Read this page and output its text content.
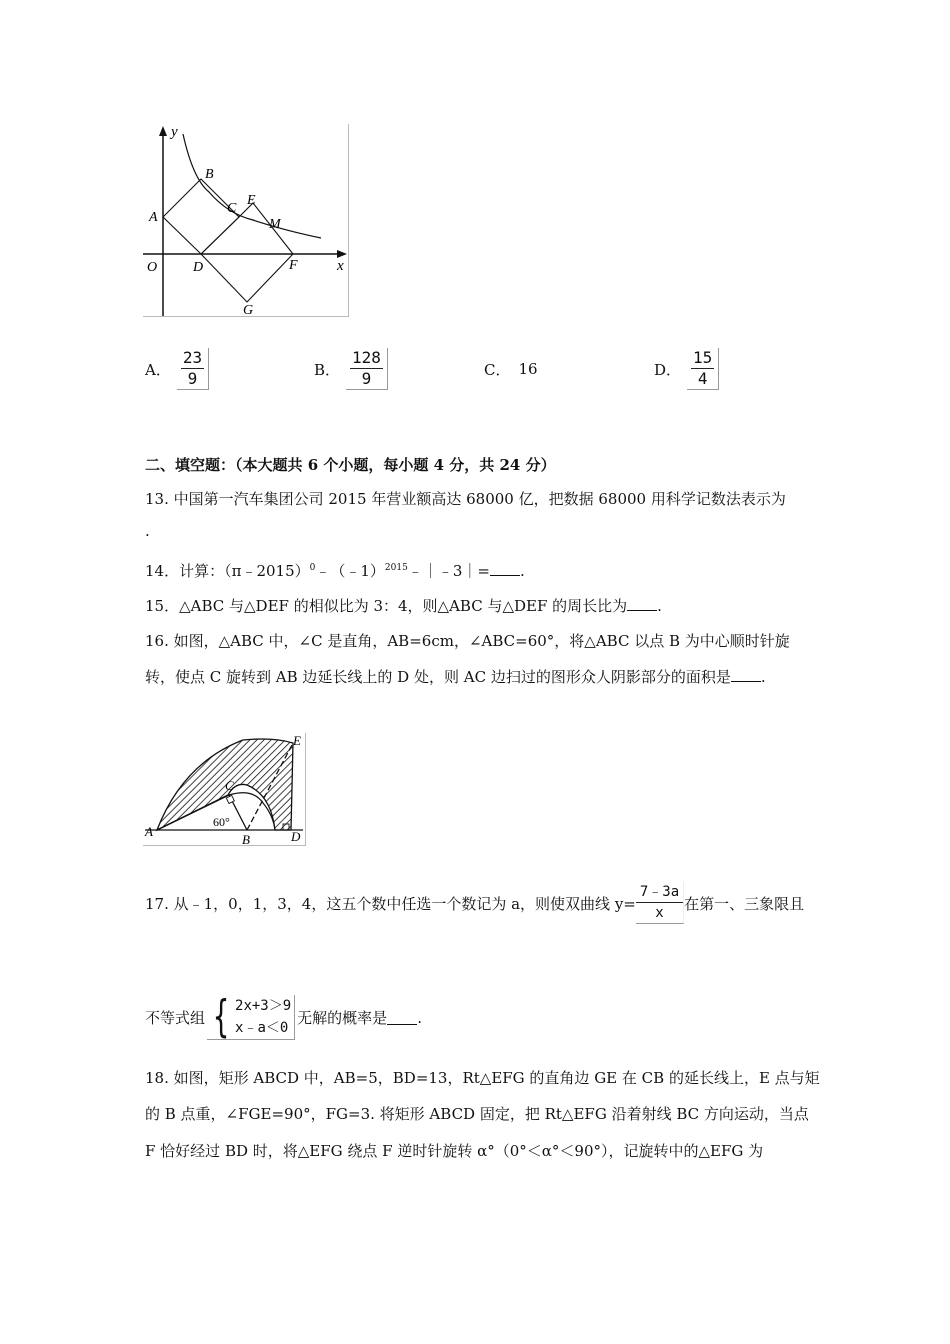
y
x
O
A
B
C
D
E
F
G
M
A． $\frac{23}{9}$	B． $\frac{128}{9}$	C． 16	D． $\frac{15}{4}$
二、填空题：（本大题共 6 个小题，每小题 4 分，共 24 分）
13. 中国第一汽车集团公司 2015 年营业额高达 68000 亿，把数据 68000 用科学记数法表示为
.
14．计算：（π﹣2015）$^0$﹣（﹣1）$^{2015}$﹣｜﹣3｜= .
15．△ABC 与△DEF 的相似比为 3：4，则△ABC 与△DEF 的周长比为 .
16. 如图，△ABC 中，∠C 是直角，AB=6cm，∠ABC=60°，将△ABC 以点 B 为中心顺时针旋
转，使点 C 旋转到 AB 边延长线上的 D 处，则 AC 边扫过的图形众人阴影部分的面积是 .
A
B
C
D
E
60°
17. 从﹣1，0，1，3，4，这五个数中任选一个数记为 a，则使双曲线 $y= \frac{7﹣3a}{x}$ 在第一、三象限且
不等式组 { 2x+3＞9
x﹣a＜0
无解的概率是 .
18. 如图，矩形 ABCD 中，AB=5，BD=13，Rt△EFG 的直角边 GE 在 CB 的延长线上，E 点与矩
的 B 点重，∠FGE=90°，FG=3. 将矩形 ABCD 固定，把 Rt△EFG 沿着射线 BC 方向运动，当点
F 恰好经过 BD 时，将△EFG 绕点 F 逆时针旋转 α°（0°＜α°＜90°），记旋转中的△EFG 为
